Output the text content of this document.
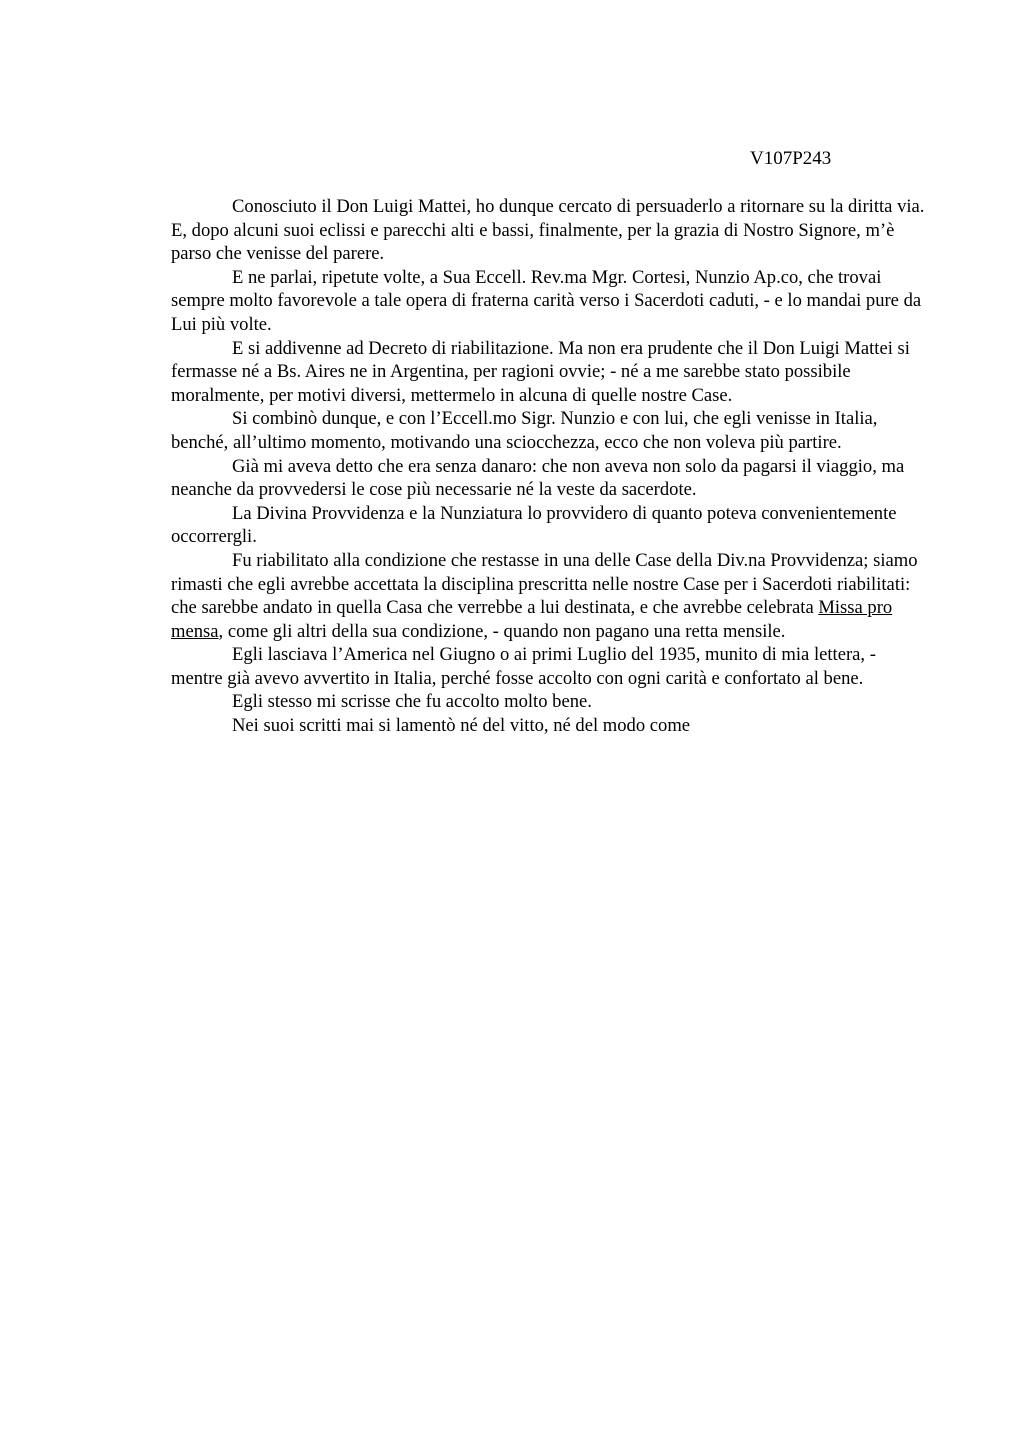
V107P243

Conosciuto il Don Luigi Mattei, ho dunque cercato di persuaderlo a ritornare su la diritta via. E, dopo alcuni suoi eclissi e parecchi alti e bassi, finalmente, per la grazia di Nostro Signore, m’è parso che venisse del parere.

E ne parlai, ripetute volte, a Sua Eccell. Rev.ma Mgr. Cortesi, Nunzio Ap.co, che trovai sempre molto favorevole a tale opera di fraterna carità verso i Sacerdoti caduti, - e lo mandai pure da Lui più volte.

E si addivenne ad Decreto di riabilitazione. Ma non era prudente che il Don Luigi Mattei si fermasse né a Bs. Aires ne in Argentina, per ragioni ovvie; - né a me sarebbe stato possibile moralmente, per motivi diversi, mettermelo in alcuna di quelle nostre Case.

Si combinò dunque, e con l’Eccell.mo Sigr. Nunzio e con lui, che egli venisse in Italia, benché, all’ultimo momento, motivando una sciocchezza, ecco che non voleva più partire.

Già mi aveva detto che era senza danaro: che non aveva non solo da pagarsi il viaggio, ma neanche da provvedersi le cose più necessarie né la veste da sacerdote.

La Divina Provvidenza e la Nunziatura lo provvidero di quanto poteva convenientemente occorrergli.

Fu riabilitato alla condizione che restasse in una delle Case della Div.na Provvidenza; siamo rimasti che egli avrebbe accettata la disciplina prescritta nelle nostre Case per i Sacerdoti riabilitati: che sarebbe andato in quella Casa che verrebbe a lui destinata, e che avrebbe celebrata Missa pro mensa, come gli altri della sua condizione, - quando non pagano una retta mensile.

Egli lasciava l’America nel Giugno o ai primi Luglio del 1935, munito di mia lettera, - mentre già avevo avvertito in Italia, perché fosse accolto con ogni carità e confortato al bene.

Egli stesso mi scrisse che fu accolto molto bene.

Nei suoi scritti mai si lamentò né del vitto, né del modo come
